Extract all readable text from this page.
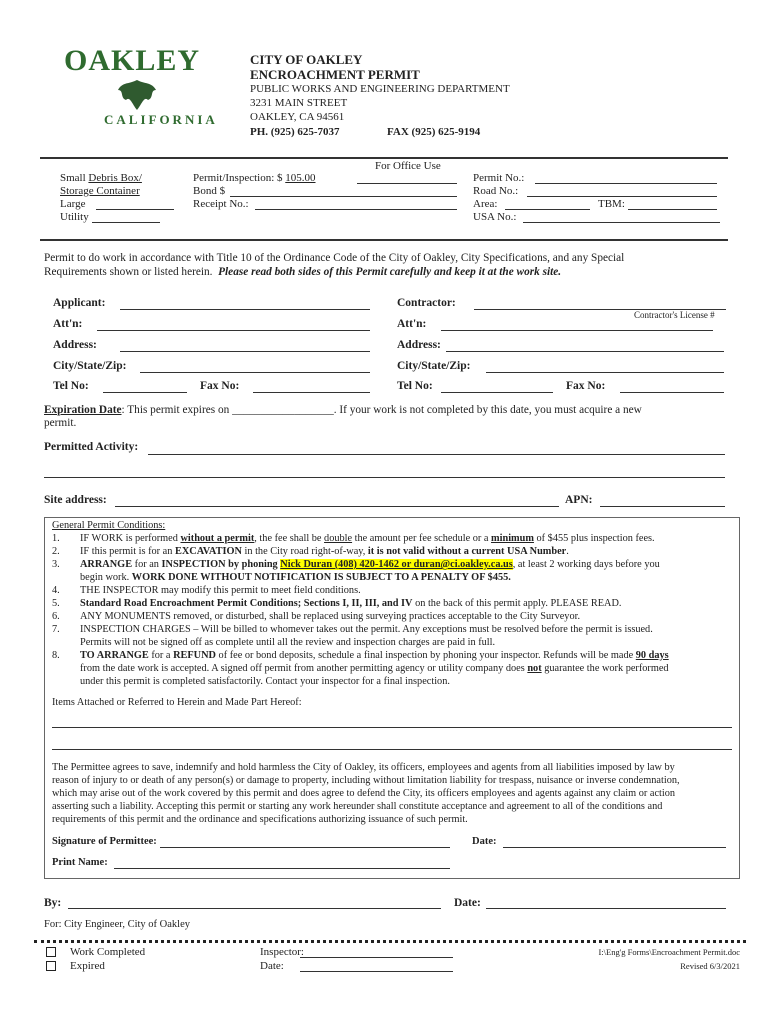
OAKLEY
CALIFORNIA
CITY OF OAKLEY
ENCROACHMENT PERMIT
PUBLIC WORKS AND ENGINEERING DEPARTMENT
3231 MAIN STREET
OAKLEY, CA 94561
PH. (925) 625-7037	FAX (925) 625-9194
For Office Use
Small Debris Box/
Storage Container
Large
Utility
Permit/Inspection: $ 105.00
Bond $
Receipt No.:
Permit No.:
Road No.:
Area:	TBM:
USA No.:
Permit to do work in accordance with Title 10 of the Ordinance Code of the City of Oakley, City Specifications, and any Special
Requirements shown or listed herein. Please read both sides of this Permit carefully and keep it at the work site.
Applicant:	Contractor:
Contractor's License #
Att'n:	Att'n:
Address:	Address:
City/State/Zip:	City/State/Zip:
Tel No:	Fax No:	Tel No:	Fax No:
Expiration Date: This permit expires on __________________. If your work is not completed by this date, you must acquire a new
permit.
Permitted Activity:
Site address:	APN:
General Permit Conditions:
1. IF WORK is performed without a permit, the fee shall be double the amount per fee schedule or a minimum of $455 plus inspection fees.
2. IF this permit is for an EXCAVATION in the City road right-of-way, it is not valid without a current USA Number.
3. ARRANGE for an INSPECTION by phoning Nick Duran (408) 420-1462 or duran@ci.oakley.ca.us, at least 2 working days before you
begin work. WORK DONE WITHOUT NOTIFICATION IS SUBJECT TO A PENALTY OF $455.
4. THE INSPECTOR may modify this permit to meet field conditions.
5. Standard Road Encroachment Permit Conditions; Sections I, II, III, and IV on the back of this permit apply. PLEASE READ.
6. ANY MONUMENTS removed, or disturbed, shall be replaced using surveying practices acceptable to the City Surveyor.
7. INSPECTION CHARGES – Will be billed to whomever takes out the permit. Any exceptions must be resolved before the permit is issued.
Permits will not be signed off as complete until all the review and inspection charges are paid in full.
8. TO ARRANGE for a REFUND of fee or bond deposits, schedule a final inspection by phoning your inspector. Refunds will be made 90 days
from the date work is accepted. A signed off permit from another permitting agency or utility company does not guarantee the work performed
under this permit is completed satisfactorily. Contact your inspector for a final inspection.
Items Attached or Referred to Herein and Made Part Hereof:
The Permittee agrees to save, indemnify and hold harmless the City of Oakley, its officers, employees and agents from all liabilities imposed by law by
reason of injury to or death of any person(s) or damage to property, including without limitation liability for trespass, nuisance or inverse condemnation,
which may arise out of the work covered by this permit and does agree to defend the City, its officers employees and agents against any claim or action
asserting such a liability. Accepting this permit or starting any work hereunder shall constitute acceptance and agreement to all of the conditions and
requirements of this permit and the ordinance and specifications authorizing issuance of such permit.
Signature of Permittee:	Date:
Print Name:
By:	Date:
For: City Engineer, City of Oakley
Work Completed
Expired
Inspector:
Date:
I:\Eng'g Forms\Encroachment Permit.doc
Revised 6/3/2021
